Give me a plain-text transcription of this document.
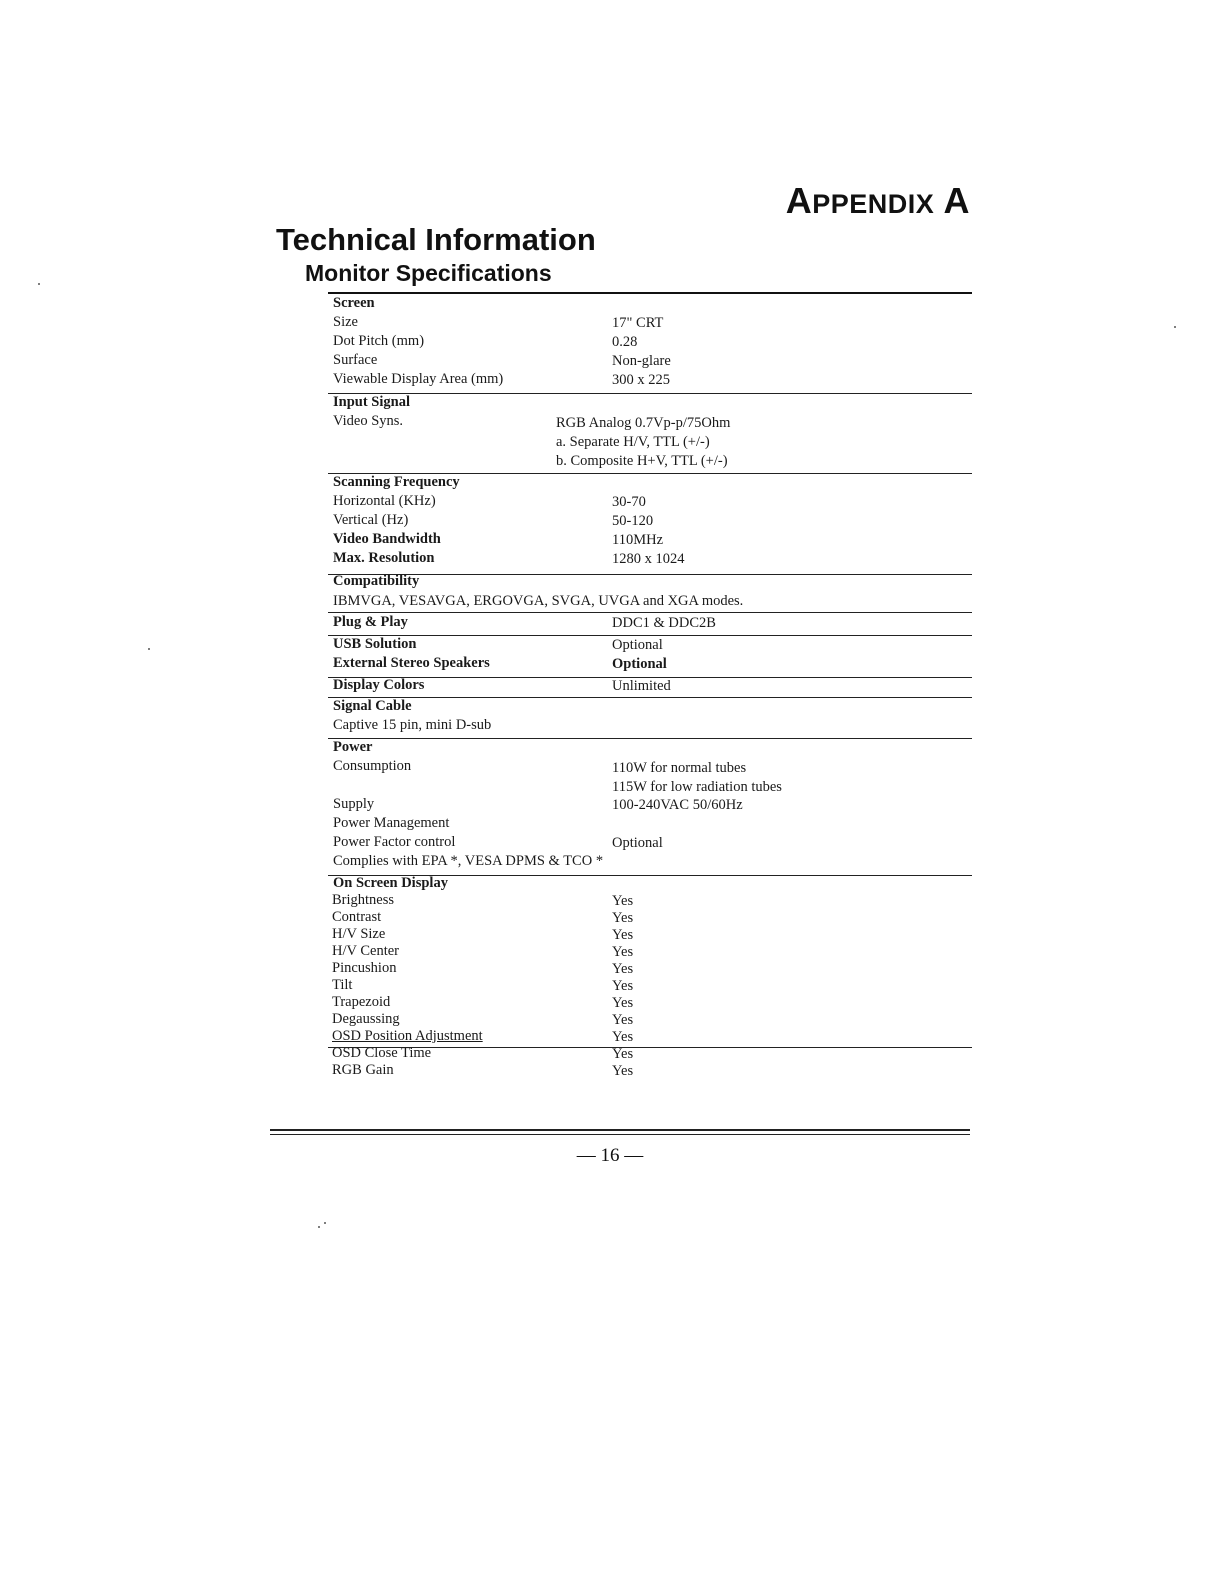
APPENDIX A
Technical Information
Monitor Specifications
Screen
Size	17" CRT
Dot Pitch (mm)	0.28
Surface	Non-glare
Viewable Display Area (mm)	300 x 225
Input Signal
Video Syns.	RGB Analog 0.7Vp-p/75Ohm
a. Separate H/V, TTL (+/-)
b. Composite H+V, TTL (+/-)
Scanning Frequency
Horizontal (KHz)	30-70
Vertical (Hz)	50-120
Video Bandwidth	110MHz
Max. Resolution	1280 x 1024
Compatibility
IBMVGA, VESAVGA, ERGOVGA, SVGA, UVGA and XGA modes.
Plug & Play	DDC1 & DDC2B
USB Solution	Optional
External Stereo Speakers	Optional
Display Colors	Unlimited
Signal Cable
Captive 15 pin, mini D-sub
Power
Consumption	110W for normal tubes
115W for low radiation tubes
Supply	100-240VAC 50/60Hz
Power Management
Power Factor control	Optional
Complies with EPA *, VESA DPMS & TCO *
On Screen Display
Brightness	Yes
Contrast	Yes
H/V Size	Yes
H/V Center	Yes
Pincushion	Yes
Tilt	Yes
Trapezoid	Yes
Degaussing	Yes
OSD Position Adjustment	Yes
OSD Close Time	Yes
RGB Gain	Yes
— 16 —
